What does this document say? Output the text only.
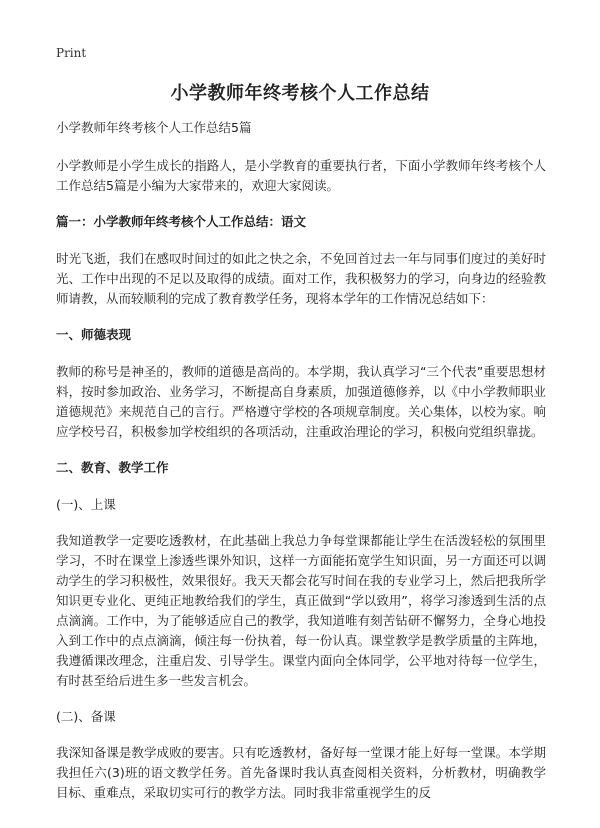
Print
小学教师年终考核个人工作总结

小学教师年终考核个人工作总结5篇

小学教师是小学生成长的指路人，是小学教育的重要执行者，下面小学教师年终考核个人工作总结5篇是小编为大家带来的，欢迎大家阅读。

篇一：小学教师年终考核个人工作总结：语文

时光飞逝，我们在感叹时间过的如此之快之余，不免回首过去一年与同事们度过的美好时光、工作中出现的不足以及取得的成绩。面对工作，我积极努力的学习，向身边的经验教师请教，从而较顺利的完成了教育教学任务，现将本学年的工作情况总结如下：

一、师德表现

教师的称号是神圣的，教师的道德是高尚的。本学期，我认真学习“三个代表”重要思想材料，按时参加政治、业务学习，不断提高自身素质，加强道德修养，以《中小学教师职业道德规范》来规范自己的言行。严格遵守学校的各项规章制度。关心集体，以校为家。响应学校号召，积极参加学校组织的各项活动，注重政治理论的学习，积极向党组织靠拢。

二、教育、教学工作

(一)、上课

我知道教学一定要吃透教材，在此基础上我总力争每堂课都能让学生在活泼轻松的氛围里学习，不时在课堂上渗透些课外知识，这样一方面能拓宽学生知识面，另一方面还可以调动学生的学习积极性，效果很好。我天天都会花写时间在我的专业学习上，然后把我所学知识更专业化、更纯正地教给我们的学生，真正做到“学以致用”，将学习渗透到生活的点点滴滴。工作中，为了能够适应自己的教学，我知道唯有刻苦钻研不懈努力，全身心地投入到工作中的点点滴滴，倾注每一份执着，每一份认真。课堂教学是教学质量的主阵地，我遵循课改理念，注重启发、引导学生。课堂内面向全体同学，公平地对待每一位学生，有时甚至给后进生多一些发言机会。

(二)、备课

我深知备课是教学成败的要害。只有吃透教材，备好每一堂课才能上好每一堂课。本学期我担任六(3)班的语文教学任务。首先备课时我认真查阅相关资料，分析教材，明确教学目标、重难点，采取切实可行的教学方法。同时我非常重视学生的反
